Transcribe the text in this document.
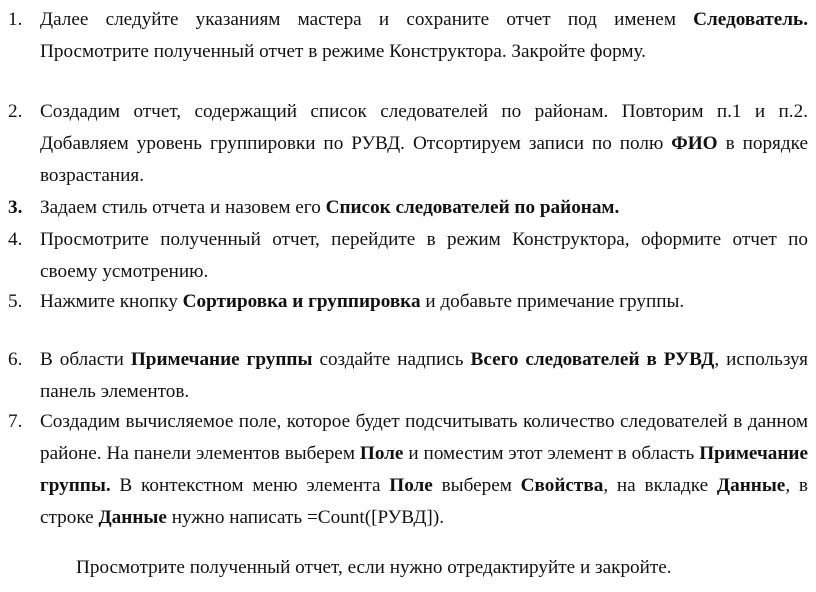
1. Далее следуйте указаниям мастера и сохраните отчет под именем Следователь. Просмотрите полученный отчет в режиме Конструктора. Закройте форму.
2. Создадим отчет, содержащий список следователей по районам. Повторим п.1 и п.2. Добавляем уровень группировки по РУВД. Отсортируем записи по полю ФИО в порядке возрастания.
3. Задаем стиль отчета и назовем его Список следователей по районам.
4. Просмотрите полученный отчет, перейдите в режим Конструктора, оформите отчет по своему усмотрению.
5. Нажмите кнопку Сортировка и группировка и добавьте примечание группы.
6. В области Примечание группы создайте надпись Всего следователей в РУВД, используя панель элементов.
7. Создадим вычисляемое поле, которое будет подсчитывать количество следователей в данном районе. На панели элементов выберем Поле и поместим этот элемент в область Примечание группы. В контекстном меню элемента Поле выберем Свойства, на вкладке Данные, в строке Данные нужно написать =Count([РУВД]).
Просмотрите полученный отчет, если нужно отредактируйте и закройте.
